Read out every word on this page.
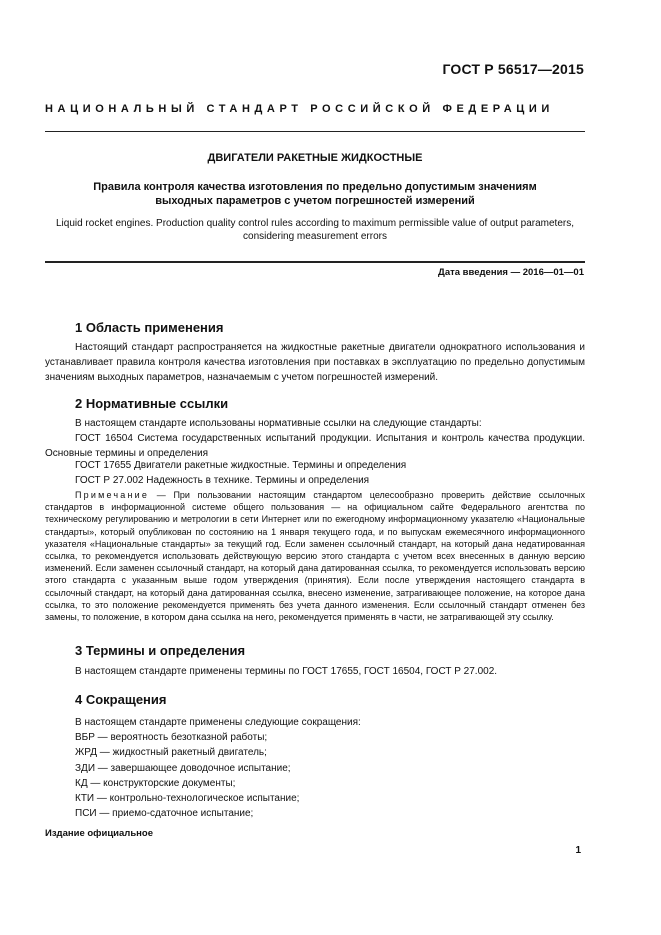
ГОСТ Р 56517—2015
НАЦИОНАЛЬНЫЙ СТАНДАРТ РОССИЙСКОЙ ФЕДЕРАЦИИ
ДВИГАТЕЛИ РАКЕТНЫЕ ЖИДКОСТНЫЕ
Правила контроля качества изготовления по предельно допустимым значениям
выходных параметров с учетом погрешностей измерений
Liquid rocket engines. Production quality control rules according to maximum permissible value of output parameters,
considering measurement errors
Дата введения — 2016—01—01
1 Область применения
Настоящий стандарт распространяется на жидкостные ракетные двигатели однократного использования и устанавливает правила контроля качества изготовления при поставках в эксплуатацию по предельно допустимым значениям выходных параметров, назначаемым с учетом погрешностей измерений.
2 Нормативные ссылки
В настоящем стандарте использованы нормативные ссылки на следующие стандарты:
ГОСТ 16504 Система государственных испытаний продукции. Испытания и контроль качества продукции. Основные термины и определения
ГОСТ 17655 Двигатели ракетные жидкостные. Термины и определения
ГОСТ Р 27.002 Надежность в технике. Термины и определения
Примечание — При пользовании настоящим стандартом целесообразно проверить действие ссылочных стандартов в информационной системе общего пользования — на официальном сайте Федерального агентства по техническому регулированию и метрологии в сети Интернет или по ежегодному информационному указателю «Национальные стандарты», который опубликован по состоянию на 1 января текущего года, и по выпускам ежемесячного информационного указателя «Национальные стандарты» за текущий год. Если заменен ссылочный стандарт, на который дана недатированная ссылка, то рекомендуется использовать действующую версию этого стандарта с учетом всех внесенных в данную версию изменений. Если заменен ссылочный стандарт, на который дана датированная ссылка, то рекомендуется использовать версию этого стандарта с указанным выше годом утверждения (принятия). Если после утверждения настоящего стандарта в ссылочный стандарт, на который дана датированная ссылка, внесено изменение, затрагивающее положение, на которое дана ссылка, то это положение рекомендуется применять без учета данного изменения. Если ссылочный стандарт отменен без замены, то положение, в котором дана ссылка на него, рекомендуется применять в части, не затрагивающей эту ссылку.
3 Термины и определения
В настоящем стандарте применены термины по ГОСТ 17655, ГОСТ 16504, ГОСТ Р 27.002.
4 Сокращения
В настоящем стандарте применены следующие сокращения:
ВБР — вероятность безотказной работы;
ЖРД — жидкостный ракетный двигатель;
ЗДИ — завершающее доводочное испытание;
КД — конструкторские документы;
КТИ — контрольно-технологическое испытание;
ПСИ — приемо-сдаточное испытание;
Издание официальное
1
